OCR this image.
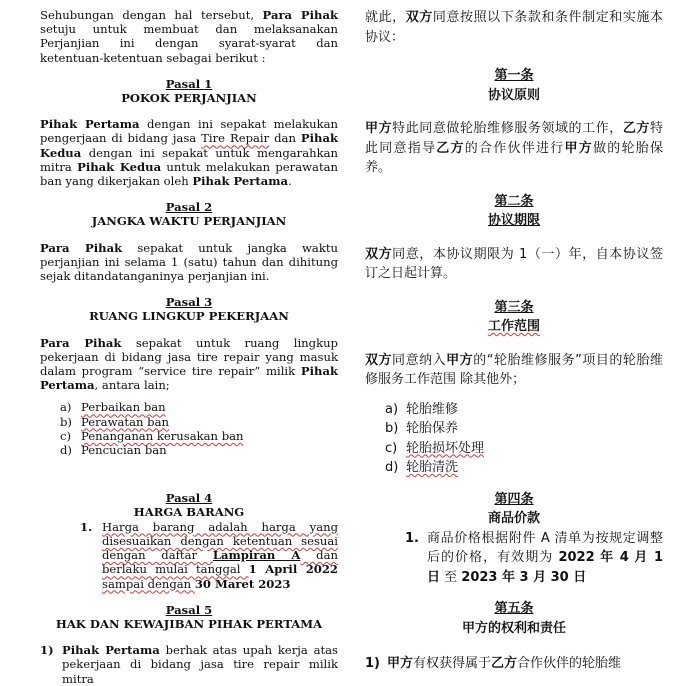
Sehubungan dengan hal tersebut, Para Pihak setuju untuk membuat dan melaksanakan Perjanjian ini dengan syarat-syarat dan ketentuan-ketentuan sebagai berikut :

Pasal 1
POKOK PERJANJIAN

Pihak Pertama dengan ini sepakat melakukan pengerjaan di bidang jasa Tire Repair dan Pihak Kedua dengan ini sepakat untuk mengarahkan mitra Pihak Kedua untuk melakukan perawatan ban yang dikerjakan oleh Pihak Pertama.

Pasal 2
JANGKA WAKTU PERJANJIAN

Para Pihak sepakat untuk jangka waktu perjanjian ini selama 1 (satu) tahun dan dihitung sejak ditandatanganinya perjanjian ini.

Pasal 3
RUANG LINGKUP PEKERJAAN

Para Pihak sepakat untuk ruang lingkup pekerjaan di bidang jasa tire repair yang masuk dalam program “service tire repair” milik Pihak Pertama, antara lain;

a) Perbaikan ban
b) Perawatan ban
c) Penanganan kerusakan ban
d) Pencucian ban
Pasal 4
HARGA BARANG
1. Harga barang adalah harga yang disesuaikan dengan ketentuan sesuai dengan daftar Lampiran A dan berlaku mulai tanggal 1 April 2022 sampai dengan 30 Maret 2023
Pasal 5
HAK DAN KEWAJIBAN PIHAK PERTAMA
1) Pihak Pertama berhak atas upah kerja atas pekerjaan di bidang jasa tire repair milik mitra

就此，双方同意按照以下条款和条件制定和实施本协议：

第一条
协议原则

甲方特此同意做轮胎维修服务领域的工作，乙方特此同意指导乙方的合作伙伴进行甲方做的轮胎保养。

第二条
协议期限

双方同意，本协议期限为 1（一）年，自本协议签订之日起计算。

第三条
工作范围

双方同意纳入甲方的“轮胎维修服务”项目的轮胎维修服务工作范围 除其他外；

a) 轮胎维修
b) 轮胎保养
c) 轮胎损坏处理
d) 轮胎清洗
第四条
商品价款
1. 商品价格根据附件 A 清单为按规定调整后的价格，有效期为 2022 年 4 月 1 日 至 2023 年 3 月 30 日
第五条
甲方的权利和责任
1) 甲方有权获得属于乙方合作伙伴的轮胎维
